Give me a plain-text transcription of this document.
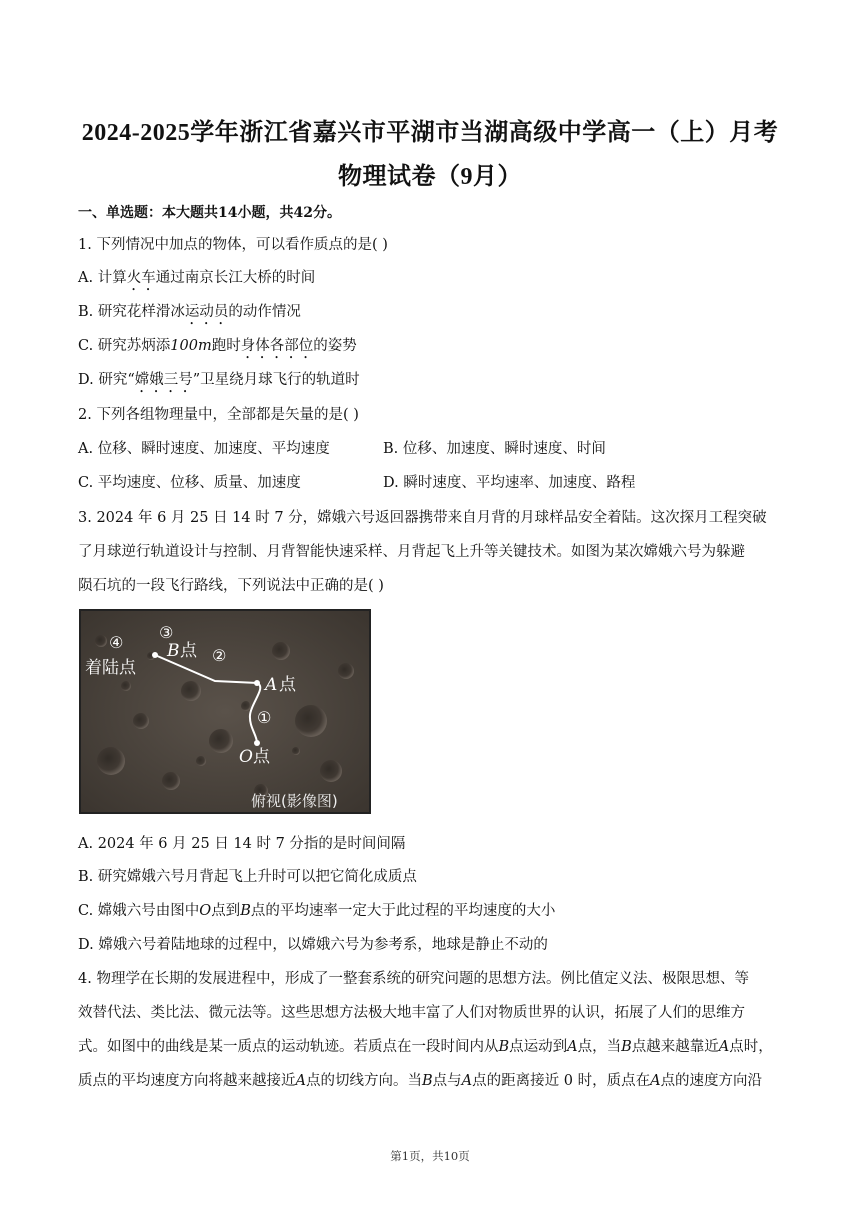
2024-2025学年浙江省嘉兴市平湖市当湖高级中学高一（上）月考
物理试卷（9月）
一、单选题：本大题共14小题，共42分。
1. 下列情况中加点的物体，可以看作质点的是( )
A. 计算火车通过南京长江大桥的时间
B. 研究花样滑冰运动员的动作情况
C. 研究苏炳添100m跑时身体各部位的姿势
D. 研究“嫦娥三号”卫星绕月球飞行的轨道时
2. 下列各组物理量中，全部都是矢量的是( )
A. 位移、瞬时速度、加速度、平均速度	B. 位移、加速度、瞬时速度、时间
C. 平均速度、位移、质量、加速度	D. 瞬时速度、平均速率、加速度、路程
3. 2024 年 6 月 25 日 14 时 7 分，嫦娥六号返回器携带来自月背的月球样品安全着陆。这次探月工程突破
了月球逆行轨道设计与控制、月背智能快速采样、月背起飞上升等关键技术。如图为某次嫦娥六号为躲避
陨石坑的一段飞行路线，下列说法中正确的是( )
④
③
②
①
着陆点
B 点
A 点
O 点
俯视(影像图)
A. 2024 年 6 月 25 日 14 时 7 分指的是时间间隔
B. 研究嫦娥六号月背起飞上升时可以把它简化成质点
C. 嫦娥六号由图中O点到B点的平均速率一定大于此过程的平均速度的大小
D. 嫦娥六号着陆地球的过程中，以嫦娥六号为参考系，地球是静止不动的
4. 物理学在长期的发展进程中，形成了一整套系统的研究问题的思想方法。例比值定义法、极限思想、等
效替代法、类比法、微元法等。这些思想方法极大地丰富了人们对物质世界的认识，拓展了人们的思维方
式。如图中的曲线是某一质点的运动轨迹。若质点在一段时间内从B点运动到A点，当B点越来越靠近A点时，
质点的平均速度方向将越来越接近A点的切线方向。当B点与A点的距离接近 0 时，质点在A点的速度方向沿
第1页，共10页
